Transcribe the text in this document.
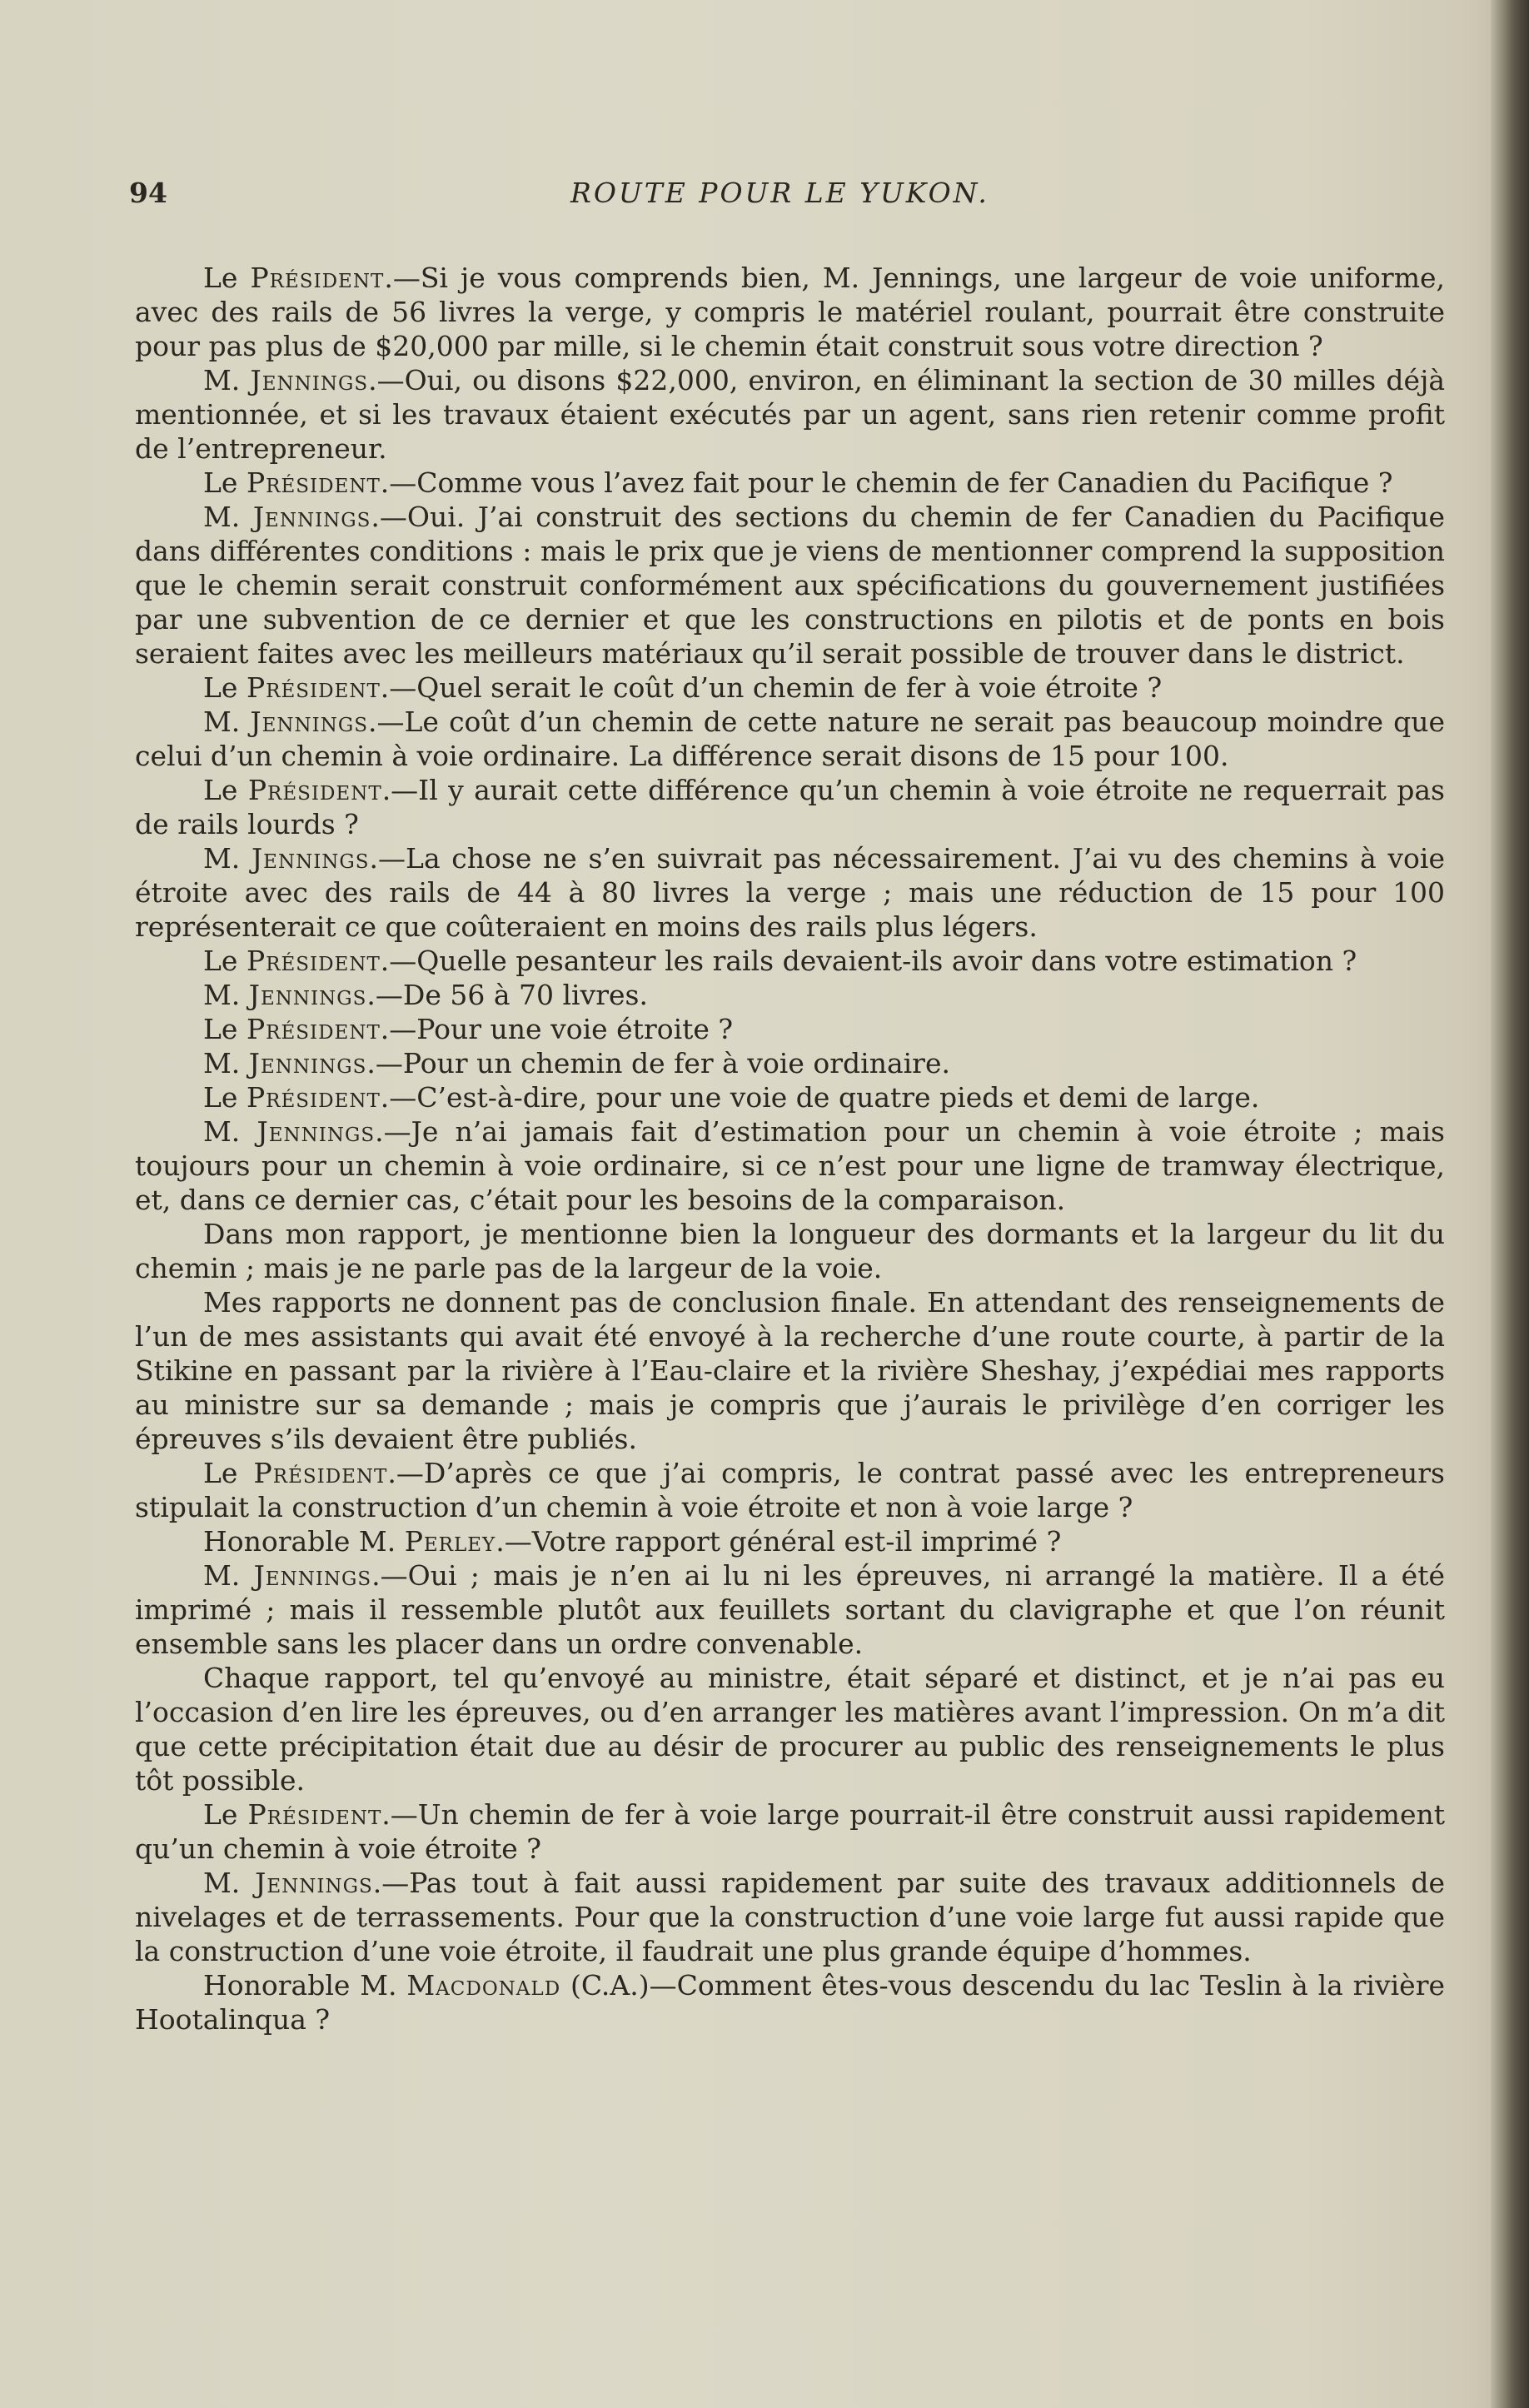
94	ROUTE POUR LE YUKON.

Le Président.—Si je vous comprends bien, M. Jennings, une largeur de voie uniforme, avec des rails de 56 livres la verge, y compris le matériel roulant, pourrait être construite pour pas plus de $20,000 par mille, si le chemin était construit sous votre direction ?

M. Jennings.—Oui, ou disons $22,000, environ, en éliminant la section de 30 milles déjà mentionnée, et si les travaux étaient exécutés par un agent, sans rien retenir comme profit de l’entrepreneur.

Le Président.—Comme vous l’avez fait pour le chemin de fer Canadien du Pacifique ?

M. Jennings.—Oui. J’ai construit des sections du chemin de fer Canadien du Pacifique dans différentes conditions : mais le prix que je viens de mentionner comprend la supposition que le chemin serait construit conformément aux spécifications du gouvernement justifiées par une subvention de ce dernier et que les constructions en pilotis et de ponts en bois seraient faites avec les meilleurs matériaux qu’il serait possible de trouver dans le district.

Le Président.—Quel serait le coût d’un chemin de fer à voie étroite ?

M. Jennings.—Le coût d’un chemin de cette nature ne serait pas beaucoup moindre que celui d’un chemin à voie ordinaire. La différence serait disons de 15 pour 100.

Le Président.—Il y aurait cette différence qu’un chemin à voie étroite ne requerrait pas de rails lourds ?

M. Jennings.—La chose ne s’en suivrait pas nécessairement. J’ai vu des chemins à voie étroite avec des rails de 44 à 80 livres la verge ; mais une réduction de 15 pour 100 représenterait ce que coûteraient en moins des rails plus légers.

Le Président.—Quelle pesanteur les rails devaient-ils avoir dans votre estimation ?

M. Jennings.—De 56 à 70 livres.

Le Président.—Pour une voie étroite ?

M. Jennings.—Pour un chemin de fer à voie ordinaire.

Le Président.—C’est-à-dire, pour une voie de quatre pieds et demi de large.

M. Jennings.—Je n’ai jamais fait d’estimation pour un chemin à voie étroite ; mais toujours pour un chemin à voie ordinaire, si ce n’est pour une ligne de tramway électrique, et, dans ce dernier cas, c’était pour les besoins de la comparaison.

Dans mon rapport, je mentionne bien la longueur des dormants et la largeur du lit du chemin ; mais je ne parle pas de la largeur de la voie.

Mes rapports ne donnent pas de conclusion finale. En attendant des renseignements de l’un de mes assistants qui avait été envoyé à la recherche d’une route courte, à partir de la Stikine en passant par la rivière à l’Eau-claire et la rivière Sheshay, j’expédiai mes rapports au ministre sur sa demande ; mais je compris que j’aurais le privilège d’en corriger les épreuves s’ils devaient être publiés.

Le Président.—D’après ce que j’ai compris, le contrat passé avec les entrepreneurs stipulait la construction d’un chemin à voie étroite et non à voie large ?

Honorable M. Perley.—Votre rapport général est-il imprimé ?

M. Jennings.—Oui ; mais je n’en ai lu ni les épreuves, ni arrangé la matière. Il a été imprimé ; mais il ressemble plutôt aux feuillets sortant du clavigraphe et que l’on réunit ensemble sans les placer dans un ordre convenable.

Chaque rapport, tel qu’envoyé au ministre, était séparé et distinct, et je n’ai pas eu l’occasion d’en lire les épreuves, ou d’en arranger les matières avant l’impression. On m’a dit que cette précipitation était due au désir de procurer au public des renseignements le plus tôt possible.

Le Président.—Un chemin de fer à voie large pourrait-il être construit aussi rapidement qu’un chemin à voie étroite ?

M. Jennings.—Pas tout à fait aussi rapidement par suite des travaux additionnels de nivelages et de terrassements. Pour que la construction d’une voie large fut aussi rapide que la construction d’une voie étroite, il faudrait une plus grande équipe d’hommes.

Honorable M. Macdonald (C.A.)—Comment êtes-vous descendu du lac Teslin à la rivière Hootalinqua ?
